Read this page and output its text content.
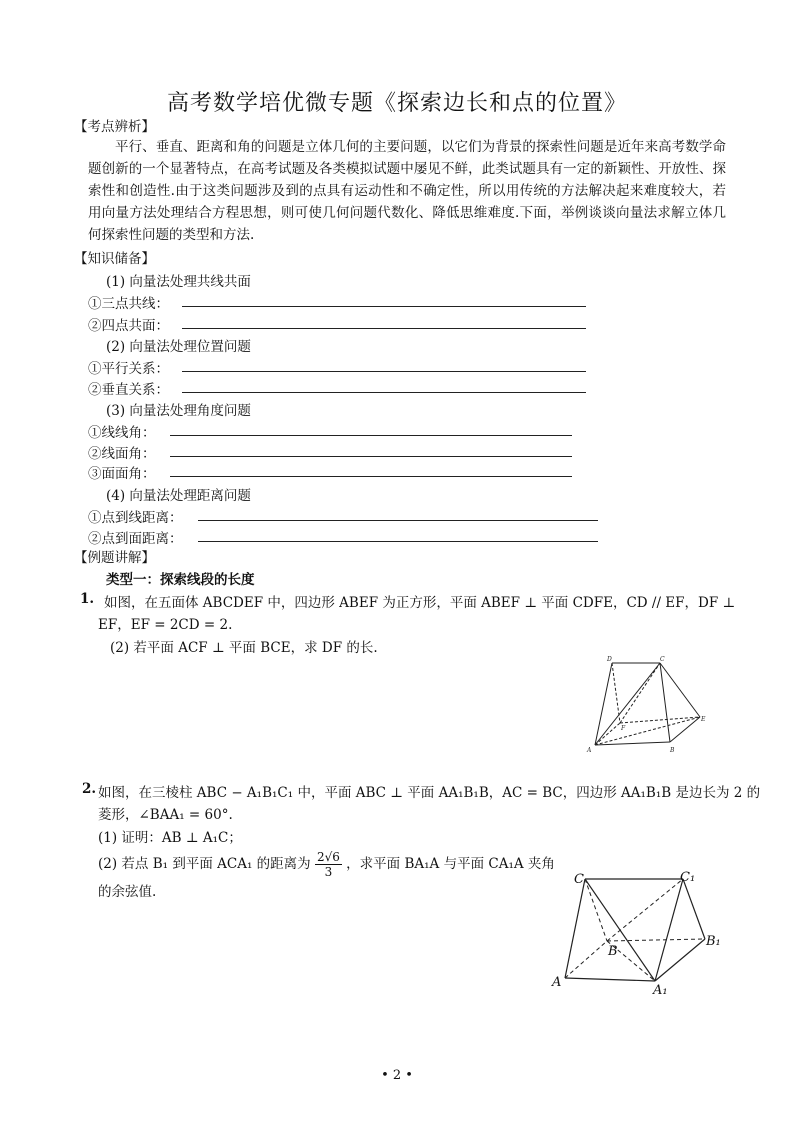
高考数学培优微专题《探索边长和点的位置》
【考点辨析】
平行、垂直、距离和角的问题是立体几何的主要问题，以它们为背景的探索性问题是近年来高考数学命题创新的一个显著特点，在高考试题及各类模拟试题中屡见不鲜，此类试题具有一定的新颖性、开放性、探索性和创造性.由于这类问题涉及到的点具有运动性和不确定性，所以用传统的方法解决起来难度较大，若用向量方法处理结合方程思想，则可使几何问题代数化、降低思维难度.下面，举例谈谈向量法求解立体几何探索性问题的类型和方法.
【知识储备】
(1) 向量法处理共线共面
①三点共线：
②四点共面：
(2) 向量法处理位置问题
①平行关系：
②垂直关系：
(3) 向量法处理角度问题
①线线角：
②线面角：
③面面角：
(4) 向量法处理距离问题
①点到线距离：
②点到面距离：
【例题讲解】
类型一：探索线段的长度
1. 如图，在五面体 ABCDEF 中，四边形 ABEF 为正方形，平面 ABEF ⊥ 平面 CDFE，CD // EF，DF ⊥
EF，EF = 2CD = 2.
(2) 若平面 ACF ⊥ 平面 BCE，求 DF 的长.
A	B
C
D
E
F
2. 如图，在三棱柱 ABC − A₁B₁C₁ 中，平面 ABC ⊥ 平面 AA₁B₁B，AC = BC，四边形 AA₁B₁B 是边长为 2 的
菱形，∠BAA₁ = 60°.
(1) 证明：AB ⊥ A₁C；
(2) 若点 B₁ 到平面 ACA₁ 的距离为 $\frac{2√6}{3}$ ，求平面 BA₁A 与平面 CA₁A 夹角
的余弦值.
C	C₁
B
B₁
A
A₁
• 2 •
